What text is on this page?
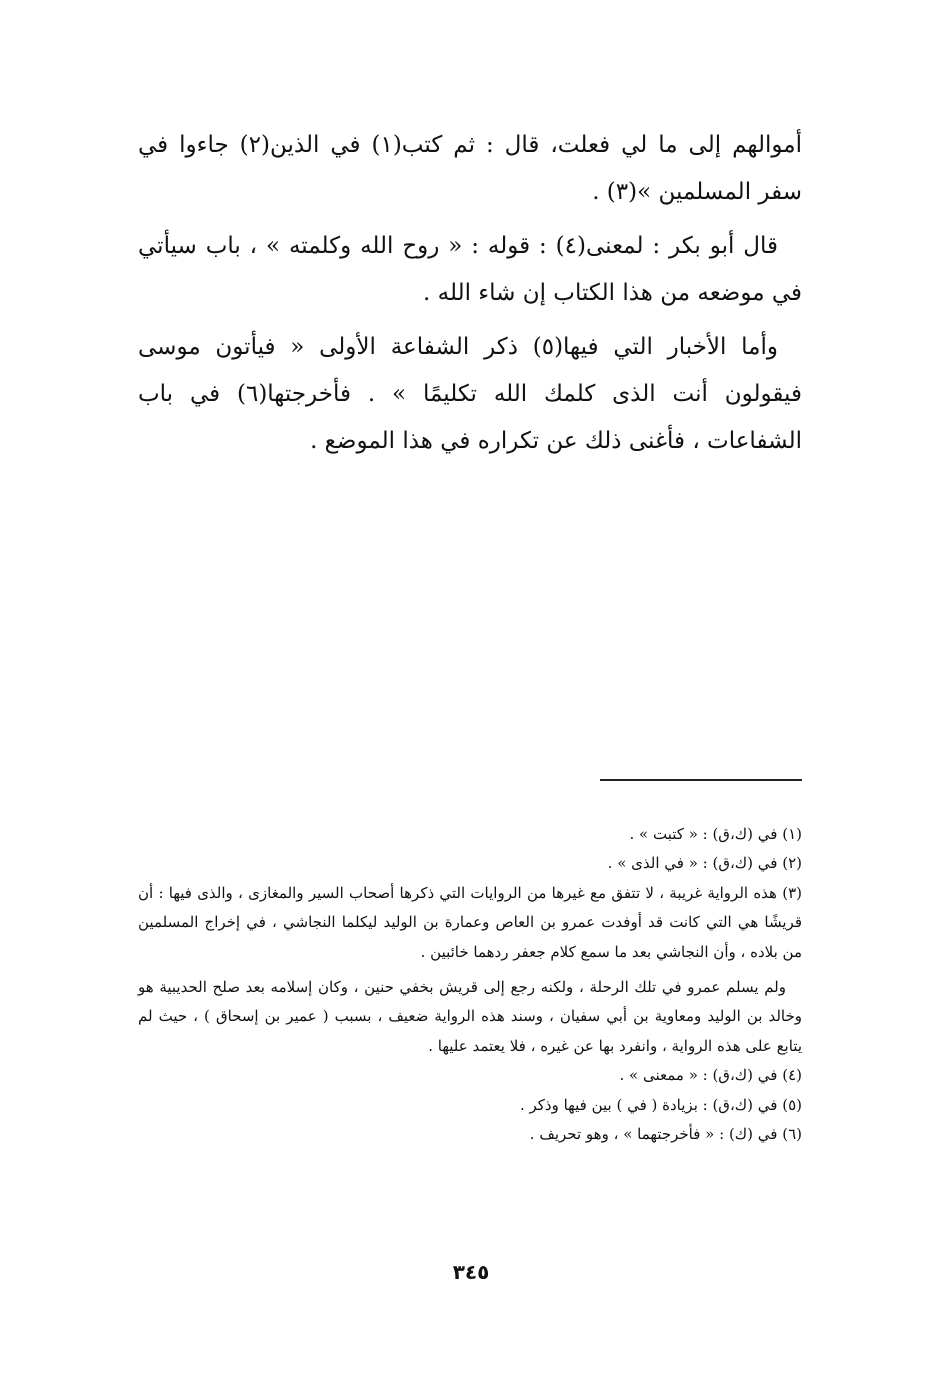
أموالهم إلى ما لي فعلت، قال : ثم كتب(١) في الذين(٢) جاءوا في سفر المسلمين »(٣) .

قال أبو بكر : لمعنى(٤) : قوله : « روح الله وكلمته » ، باب سيأتي في موضعه من هذا الكتاب إن شاء الله .

وأما الأخبار التي فيها(٥) ذكر الشفاعة الأولى « فيأتون موسى فيقولون أنت الذى كلمك الله تكليمًا » . فأخرجتها(٦) في باب الشفاعات ، فأغنى ذلك عن تكراره في هذا الموضع .

(١) في (ك،ق) : « كتبت » .

(٢) في (ك،ق) : « في الذى » .

(٣) هذه الرواية غريبة ، لا تتفق مع غيرها من الروايات التي ذكرها أصحاب السير والمغازى ، والذى فيها : أن قريشًا هي التي كانت قد أوفدت عمرو بن العاص وعمارة بن الوليد ليكلما النجاشي ، في إخراج المسلمين من بلاده ، وأن النجاشي بعد ما سمع كلام جعفر ردهما خائبين .

ولم يسلم عمرو في تلك الرحلة ، ولكنه رجع إلى قريش بخفي حنين ، وكان إسلامه بعد صلح الحديبية هو وخالد بن الوليد ومعاوية بن أبي سفيان ، وسند هذه الرواية ضعيف ، بسبب ( عمير بن إسحاق ) ، حيث لم يتابع على هذه الرواية ، وانفرد بها عن غيره ، فلا يعتمد عليها .

(٤) في (ك،ق) : « ممعنى » .

(٥) في (ك،ق) : بزيادة ( في ) بين فيها وذكر .

(٦) في (ك) : « فأخرجتهما » ، وهو تحريف .

٣٤٥
